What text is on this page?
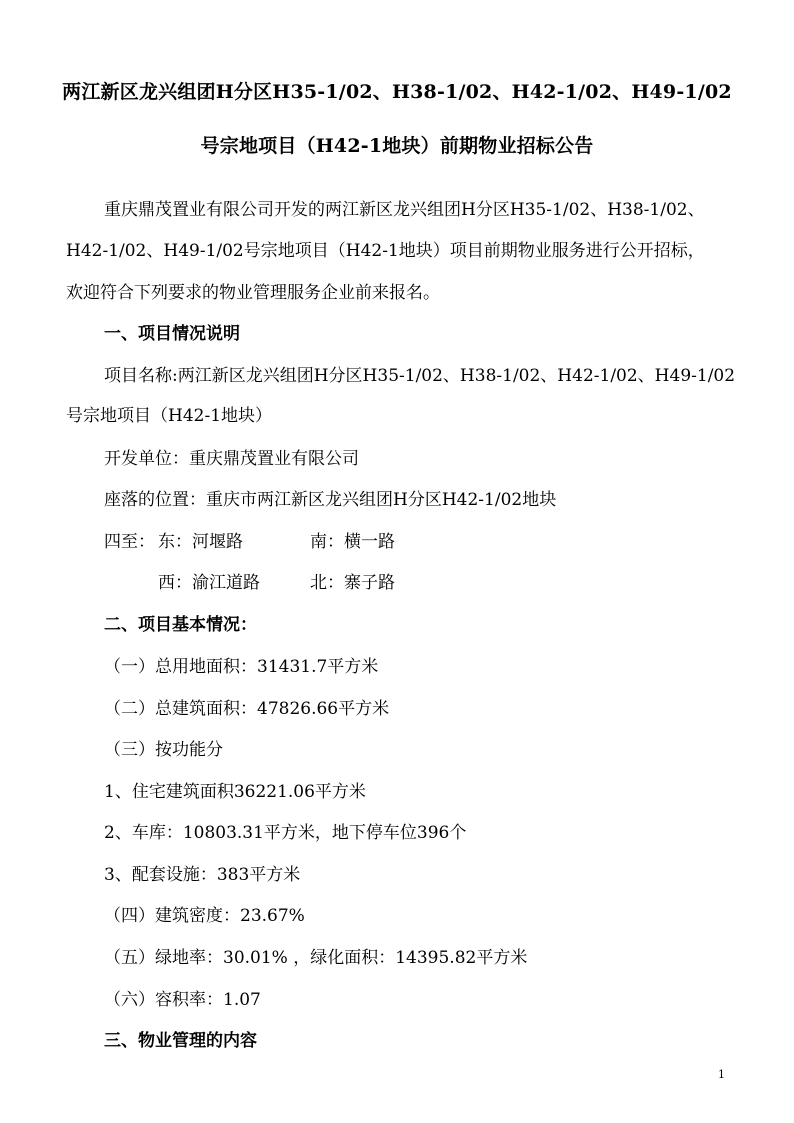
两江新区龙兴组团H分区H35-1/02、H38-1/02、H42-1/02、H49-1/02
号宗地项目（H42-1地块）前期物业招标公告
重庆鼎茂置业有限公司开发的两江新区龙兴组团H分区H35-1/02、H38-1/02、
H42-1/02、H49-1/02号宗地项目（H42-1地块）项目前期物业服务进行公开招标，
欢迎符合下列要求的物业管理服务企业前来报名。
一、项目情况说明
项目名称:两江新区龙兴组团H分区H35-1/02、H38-1/02、H42-1/02、H49-1/02
号宗地项目（H42-1地块）
开发单位：重庆鼎茂置业有限公司
座落的位置：重庆市两江新区龙兴组团H分区H42-1/02地块
四至： 东：河堰路	南：横一路
西：渝江道路	北：寨子路
二、项目基本情况：
（一）总用地面积：31431.7平方米
（二）总建筑面积：47826.66平方米
（三）按功能分
1、住宅建筑面积36221.06平方米
2、车库：10803.31平方米，地下停车位396个
3、配套设施：383平方米
（四）建筑密度：23.67%
（五）绿地率：30.01% ，绿化面积：14395.82平方米
（六）容积率：1.07
三、物业管理的内容
1
